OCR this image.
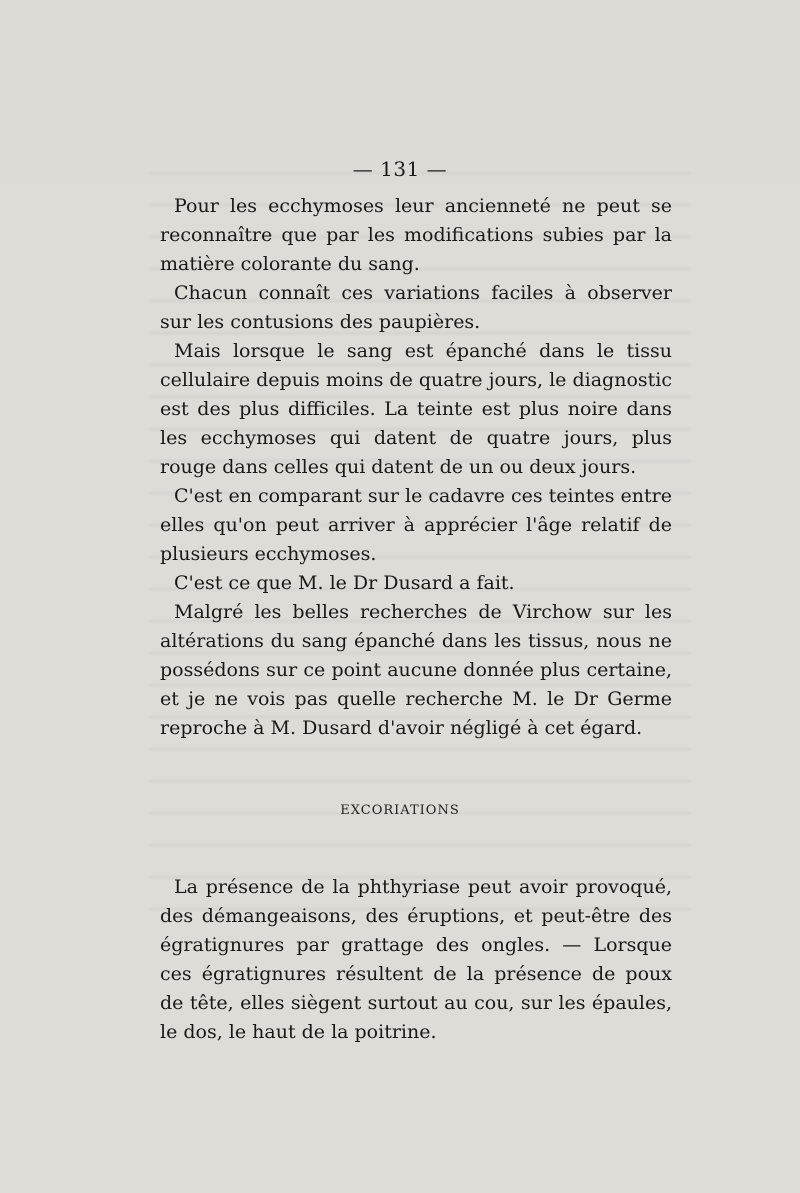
— 131 —

Pour les ecchymoses leur ancienneté ne peut se reconnaître que par les modifications subies par la matière colorante du sang.

Chacun connaît ces variations faciles à observer sur les contusions des paupières.

Mais lorsque le sang est épanché dans le tissu cellulaire depuis moins de quatre jours, le diagnostic est des plus difficiles. La teinte est plus noire dans les ecchymoses qui datent de quatre jours, plus rouge dans celles qui datent de un ou deux jours.

C'est en comparant sur le cadavre ces teintes entre elles qu'on peut arriver à apprécier l'âge relatif de plusieurs ecchymoses.

C'est ce que M. le Dr Dusard a fait.

Malgré les belles recherches de Virchow sur les altérations du sang épanché dans les tissus, nous ne possédons sur ce point aucune donnée plus certaine, et je ne vois pas quelle recherche M. le Dr Germe reproche à M. Dusard d'avoir négligé à cet égard.

EXCORIATIONS

La présence de la phthyriase peut avoir provoqué, des démangeaisons, des éruptions, et peut-être des égratignures par grattage des ongles. — Lorsque ces égratignures résultent de la présence de poux de tête, elles siègent surtout au cou, sur les épaules, le dos, le haut de la poitrine.
